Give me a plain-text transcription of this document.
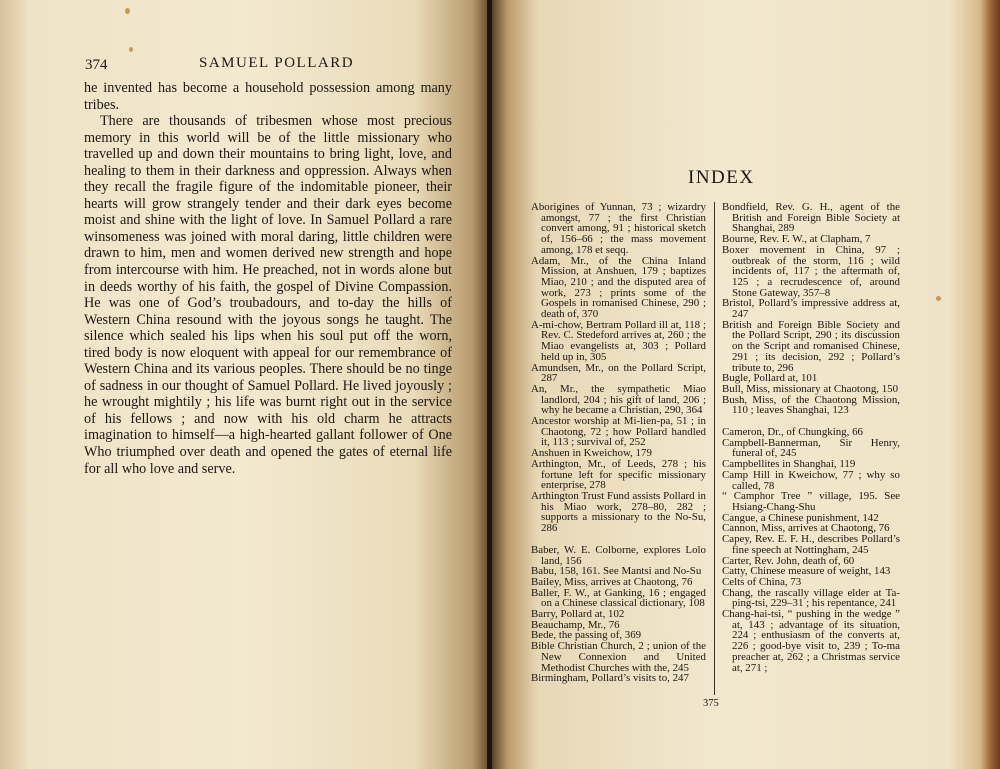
374	SAMUEL POLLARD

he invented has become a household possession among many tribes.

There are thousands of tribesmen whose most precious memory in this world will be of the little missionary who travelled up and down their mountains to bring light, love, and healing to them in their darkness and oppression. Always when they recall the fragile figure of the indomitable pioneer, their hearts will grow strangely tender and their dark eyes become moist and shine with the light of love. In Samuel Pollard a rare winsomeness was joined with moral daring, little children were drawn to him, men and women derived new strength and hope from intercourse with him. He preached, not in words alone but in deeds worthy of his faith, the gospel of Divine Compassion. He was one of God’s troubadours, and to-day the hills of Western China resound with the joyous songs he taught. The silence which sealed his lips when his soul put off the worn, tired body is now eloquent with appeal for our remembrance of Western China and its various peoples. There should be no tinge of sadness in our thought of Samuel Pollard. He lived joyously ; he wrought mightily ; his life was burnt right out in the service of his fellows ; and now with his old charm he attracts imagination to himself—a high-hearted gallant follower of One Who triumphed over death and opened the gates of eternal life for all who love and serve.

INDEX
Aborigines of Yunnan, 73 ; wizardry amongst, 77 ; the first Christian convert among, 91 ; historical sketch of, 156–66 ; the mass movement among, 178 et seqq.
Adam, Mr., of the China Inland Mission, at Anshuen, 179 ; baptizes Miao, 210 ; and the disputed area of work, 273 ; prints some of the Gospels in romanised Chinese, 290 ; death of, 370
A-mi-chow, Bertram Pollard ill at, 118 ; Rev. C. Stedeford arrives at, 260 ; the Miao evangelists at, 303 ; Pollard held up in, 305
Amundsen, Mr., on the Pollard Script, 287
An, Mr., the sympathetic Miao landlord, 204 ; his gift of land, 206 ; why he became a Christian, 290, 364
Ancestor worship at Mi-lien-pa, 51 ; in Chaotong, 72 ; how Pollard handled it, 113 ; survival of, 252
Anshuen in Kweichow, 179
Arthington, Mr., of Leeds, 278 ; his fortune left for specific missionary enterprise, 278
Arthington Trust Fund assists Pollard in his Miao work, 278–80, 282 ; supports a missionary to the No-Su, 286
Baber, W. E. Colborne, explores Lolo land, 156
Babu, 158, 161. See Mantsi and No-Su
Bailey, Miss, arrives at Chaotong, 76
Baller, F. W., at Ganking, 16 ; engaged on a Chinese classical dictionary, 108
Barry, Pollard at, 102
Beauchamp, Mr., 76
Bede, the passing of, 369
Bible Christian Church, 2 ; union of the New Connexion and United Methodist Churches with the, 245
Birmingham, Pollard’s visits to, 247
Bondfield, Rev. G. H., agent of the British and Foreign Bible Society at Shanghai, 289
Bourne, Rev. F. W., at Clapham, 7
Boxer movement in China, 97 ; outbreak of the storm, 116 ; wild incidents of, 117 ; the aftermath of, 125 ; a recrudescence of, around Stone Gateway, 357–8
Bristol, Pollard’s impressive address at, 247
British and Foreign Bible Society and the Pollard Script, 290 ; its discussion on the Script and romanised Chinese, 291 ; its decision, 292 ; Pollard’s tribute to, 296
Bugle, Pollard at, 101
Bull, Miss, missionary at Chaotong, 150
Bush, Miss, of the Chaotong Mission, 110 ; leaves Shanghai, 123
Cameron, Dr., of Chungking, 66
Campbell-Bannerman, Sir Henry, funeral of, 245
Campbellites in Shanghai, 119
Camp Hill in Kweichow, 77 ; why so called, 78
“ Camphor Tree ” village, 195. See Hsiang-Chang-Shu
Cangue, a Chinese punishment, 142
Cannon, Miss, arrives at Chaotong, 76
Capey, Rev. E. F. H., describes Pollard’s fine speech at Nottingham, 245
Carter, Rev. John, death of, 60
Catty, Chinese measure of weight, 143
Celts of China, 73
Chang, the rascally village elder at Ta-ping-tsi, 229–31 ; his repentance, 241
Chang-hai-tsi, “ pushing in the wedge ” at, 143 ; advantage of its situation, 224 ; enthusiasm of the converts at, 226 ; good-bye visit to, 239 ; To-ma preacher at, 262 ; a Christmas service at, 271 ;
375
